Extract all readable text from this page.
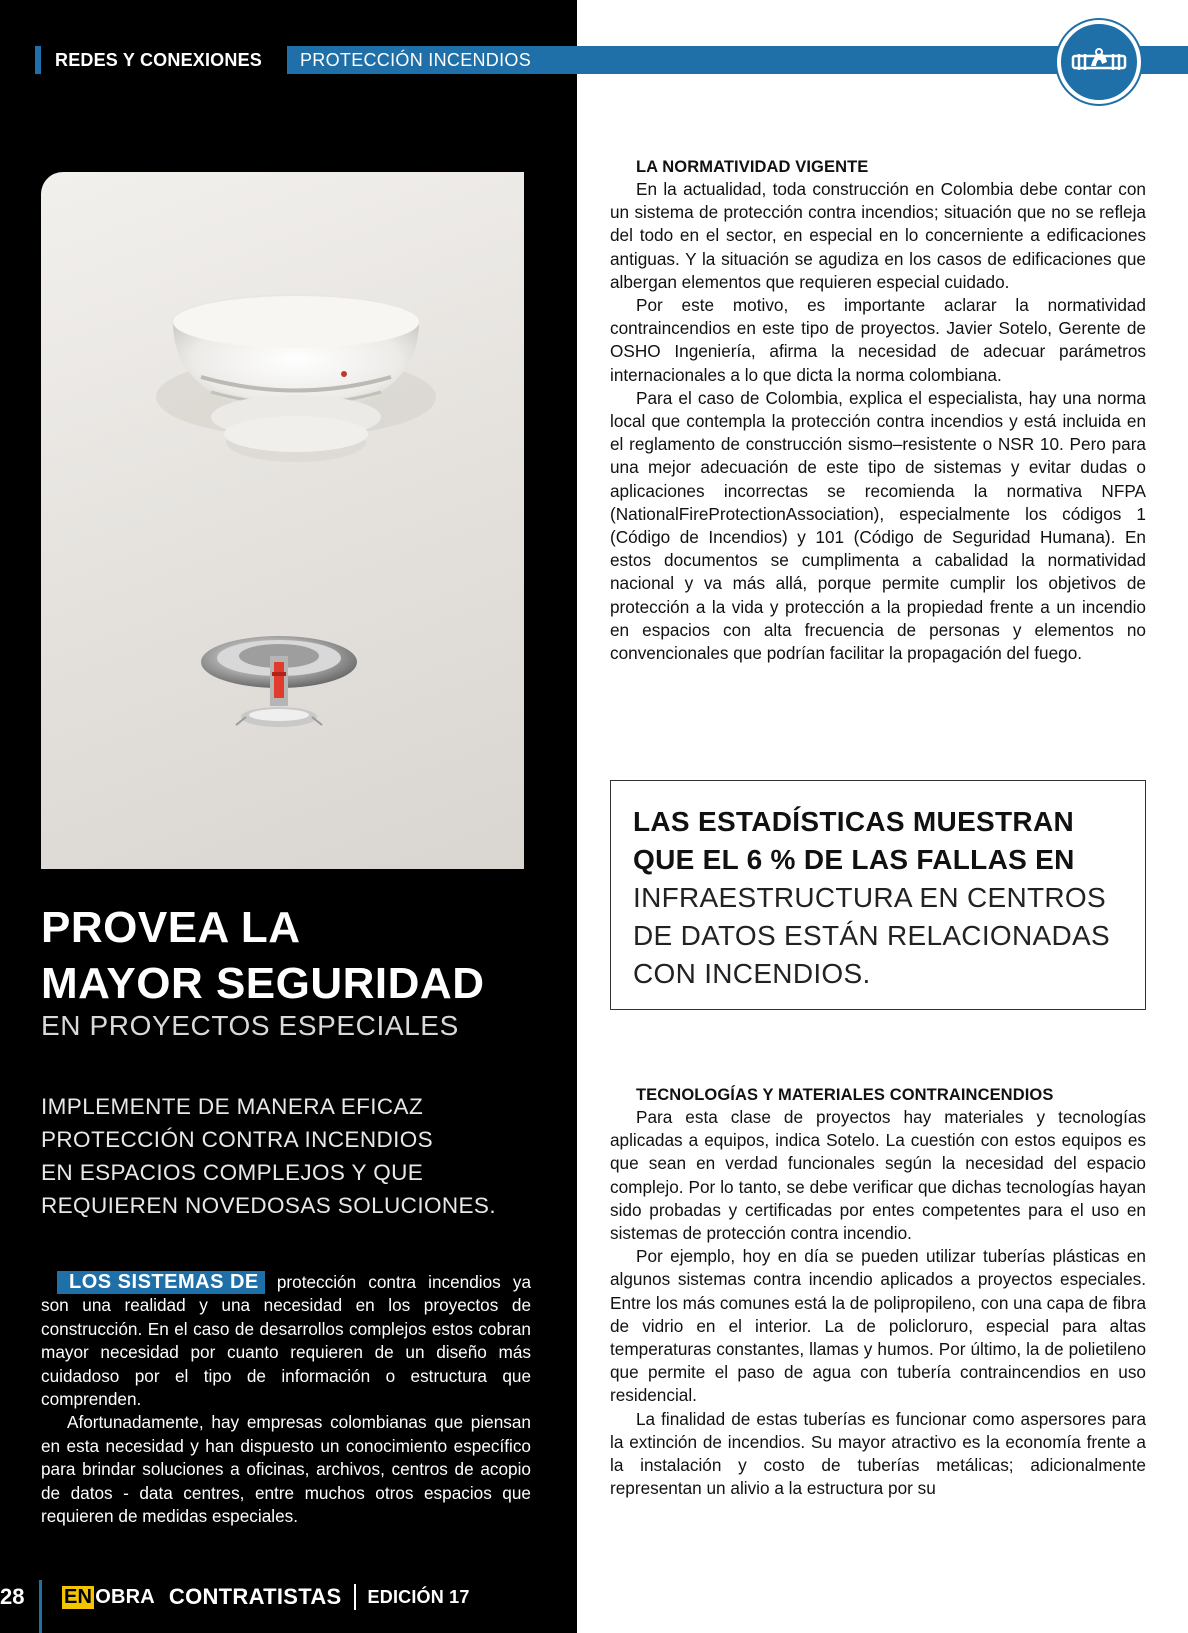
REDES Y CONEXIONES PROTECCIÓN INCENDIOS
PROVEA LA
MAYOR SEGURIDAD
EN PROYECTOS ESPECIALES
IMPLEMENTE DE MANERA EFICAZ
PROTECCIÓN CONTRA INCENDIOS
EN ESPACIOS COMPLEJOS Y QUE
REQUIEREN NOVEDOSAS SOLUCIONES.

LOS SISTEMAS DE protección contra incendios ya son una realidad y una necesidad en los proyectos de construcción. En el caso de desarrollos complejos estos cobran mayor necesidad por cuanto requieren de un diseño más cuidadoso por el tipo de información o estructura que comprenden.

Afortunadamente, hay empresas colombianas que piensan en esta necesidad y han dispuesto un conocimiento específico para brindar soluciones a oficinas, archivos, centros de acopio de datos - data centres, entre muchos otros espacios que requieren de medidas especiales.

LA NORMATIVIDAD VIGENTE

En la actualidad, toda construcción en Colombia debe contar con un sistema de protección contra incendios; situación que no se refleja del todo en el sector, en especial en lo concerniente a edificaciones antiguas. Y la situación se agudiza en los casos de edificaciones que albergan elementos que requieren especial cuidado.

Por este motivo, es importante aclarar la normatividad contraincendios en este tipo de proyectos. Javier Sotelo, Gerente de OSHO Ingeniería, afirma la necesidad de adecuar parámetros internacionales a lo que dicta la norma colombiana.

Para el caso de Colombia, explica el especialista, hay una norma local que contempla la protección contra incendios y está incluida en el reglamento de construcción sismo–resistente o NSR 10. Pero para una mejor adecuación de este tipo de sistemas y evitar dudas o aplicaciones incorrectas se recomienda la normativa NFPA (NationalFireProtectionAssociation), especialmente los códigos 1 (Código de Incendios) y 101 (Código de Seguridad Humana). En estos documentos se cumplimenta a cabalidad la normatividad nacional y va más allá, porque permite cumplir los objetivos de protección a la vida y protección a la propiedad frente a un incendio en espacios con alta frecuencia de personas y elementos no convencionales que podrían facilitar la propagación del fuego.

LAS ESTADÍSTICAS MUESTRAN
QUE EL 6 % DE LAS FALLAS EN
INFRAESTRUCTURA EN CENTROS
DE DATOS ESTÁN RELACIONADAS
CON INCENDIOS.
TECNOLOGÍAS Y MATERIALES CONTRAINCENDIOS

Para esta clase de proyectos hay materiales y tecnologías aplicadas a equipos, indica Sotelo. La cuestión con estos equipos es que sean en verdad funcionales según la necesidad del espacio complejo. Por lo tanto, se debe verificar que dichas tecnologías hayan sido probadas y certificadas por entes competentes para el uso en sistemas de protección contra incendio.

Por ejemplo, hoy en día se pueden utilizar tuberías plásticas en algunos sistemas contra incendio aplicados a proyectos especiales. Entre los más comunes está la de polipropileno, con una capa de fibra de vidrio en el interior. La de policloruro, especial para altas temperaturas constantes, llamas y humos. Por último, la de polietileno que permite el paso de agua con tubería contraincendios en uso residencial.

La finalidad de estas tuberías es funcionar como aspersores para la extinción de incendios. Su mayor atractivo es la economía frente a la instalación y costo de tuberías metálicas; adicionalmente representan un alivio a la estructura por su

28 EN OBRA CONTRATISTAS EDICIÓN 17
